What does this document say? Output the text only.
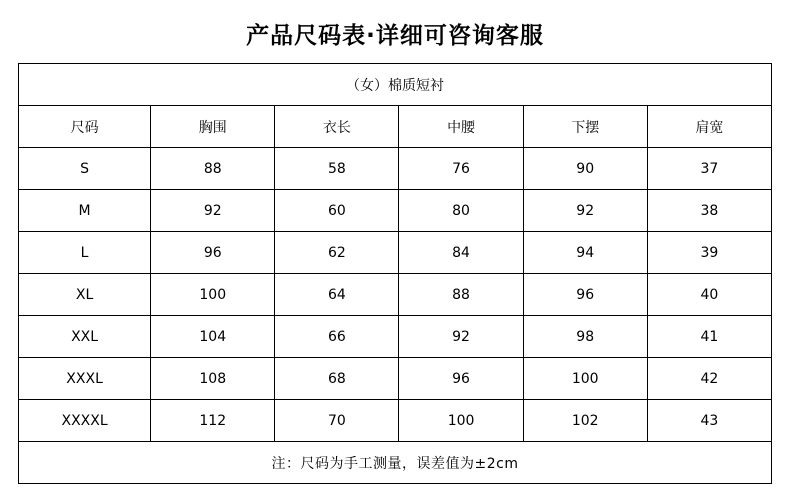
产品尺码表·详细可咨询客服
（女）棉质短衬					
尺码	胸围	衣长	中腰	下摆	肩宽
S	88	58	76	90	37
M	92	60	80	92	38
L	96	62	84	94	39
XL	100	64	88	96	40
XXL	104	66	92	98	41
XXXL	108	68	96	100	42
XXXXL	112	70	100	102	43
注：尺码为手工测量，误差值为±2cm					
